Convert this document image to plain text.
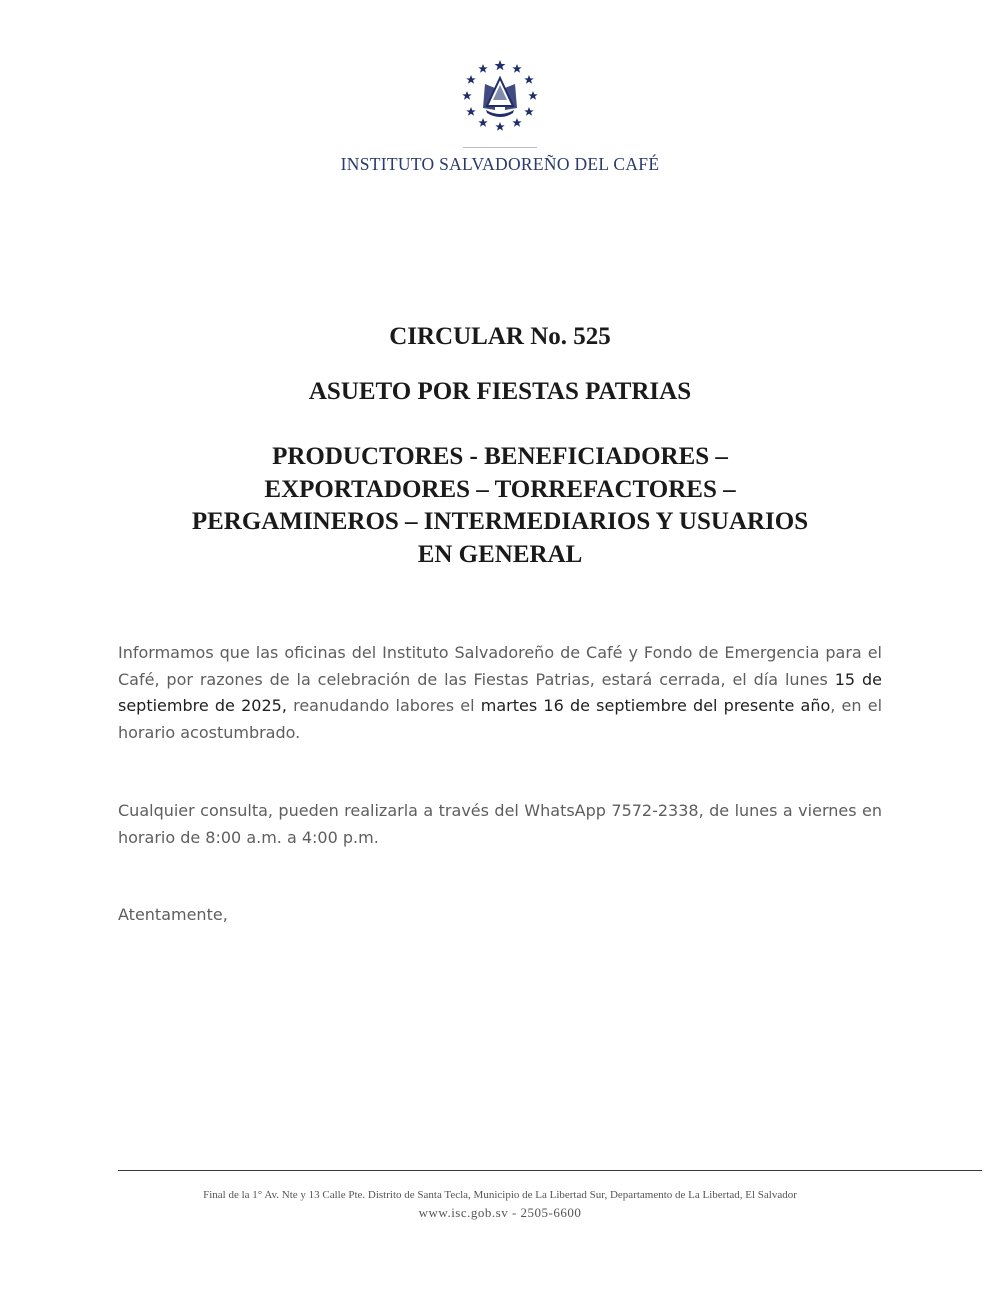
INSTITUTO SALVADOREÑO DEL CAFÉ
CIRCULAR No. 525
ASUETO POR FIESTAS PATRIAS
PRODUCTORES - BENEFICIADORES –
EXPORTADORES – TORREFACTORES –
PERGAMINEROS – INTERMEDIARIOS Y USUARIOS
EN GENERAL

Informamos que las oficinas del Instituto Salvadoreño de Café y Fondo de Emergencia para el Café, por razones de la celebración de las Fiestas Patrias, estará cerrada, el día lunes 15 de septiembre de 2025, reanudando labores el martes 16 de septiembre del presente año, en el horario acostumbrado.

Cualquier consulta, pueden realizarla a través del WhatsApp 7572-2338, de lunes a viernes en horario de 8:00 a.m. a 4:00 p.m.

Atentamente,

Final de la 1° Av. Nte y 13 Calle Pte. Distrito de Santa Tecla, Municipio de La Libertad Sur, Departamento de La Libertad, El Salvador
www.isc.gob.sv - 2505-6600
